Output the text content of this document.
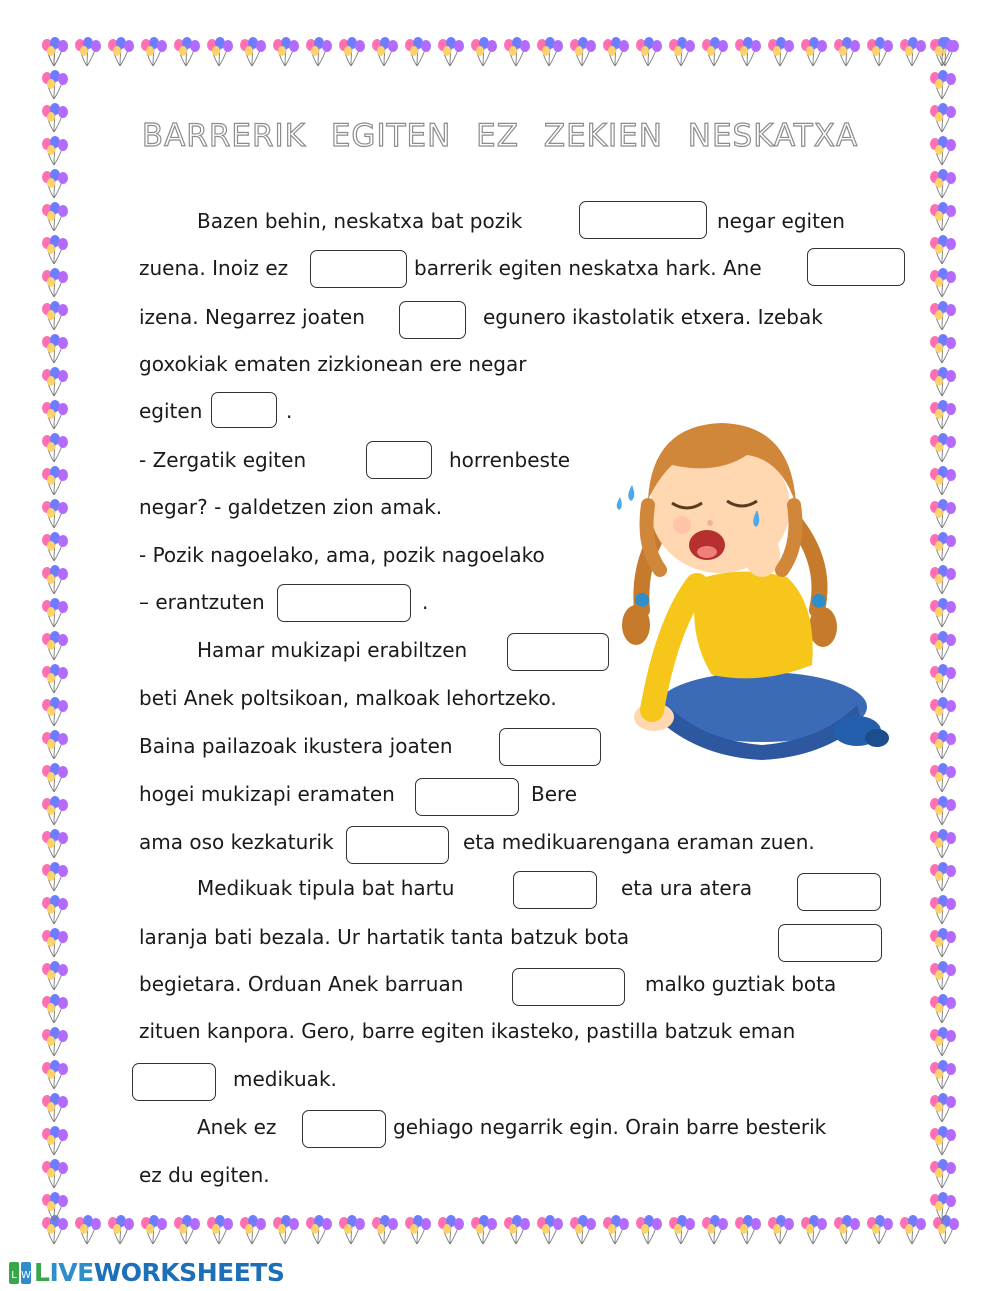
BARRERIK EGITEN EZ ZEKIEN NESKATXA
Bazen behin, neskatxa bat pozik	negar egiten
zuena. Inoiz ez	barrerik egiten neskatxa hark. Ane
izena. Negarrez joaten	egunero ikastolatik etxera. Izebak
goxokiak ematen zizkionean ere negar
egiten	.
- Zergatik egiten	horrenbeste
negar? - galdetzen zion amak.
- Pozik nagoelako, ama, pozik nagoelako
– erantzuten	.
Hamar mukizapi erabiltzen
beti Anek poltsikoan, malkoak lehortzeko.
Baina pailazoak ikustera joaten
hogei mukizapi eramaten	Bere
ama oso kezkaturik	eta medikuarengana eraman zuen.
Medikuak tipula bat hartu	eta ura atera
laranja bati bezala. Ur hartatik tanta batzuk bota
begietara. Orduan Anek barruan	malko guztiak bota
zituen kanpora. Gero, barre egiten ikasteko, pastilla batzuk eman
medikuak.
Anek ez	gehiago negarrik egin. Orain barre besterik
ez du egiten.
L W LIVEWORKSHEETS
